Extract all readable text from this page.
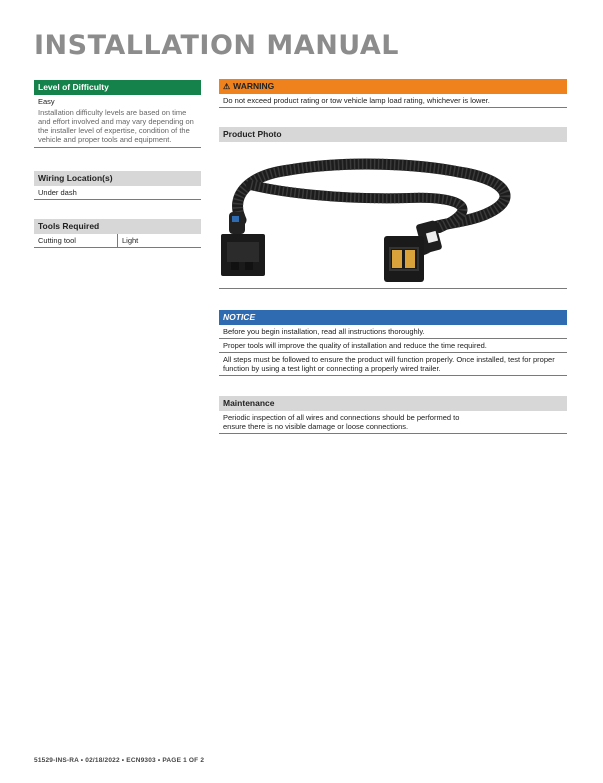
INSTALLATION MANUAL
Level of Difficulty
Easy
Installation difficulty levels are based on time and effort involved and may vary depending on the installer level of expertise, condition of the vehicle and proper tools and equipment.
Wiring Location(s)
Under dash
Tools Required
Cutting tool	Light
⚠ WARNING
Do not exceed product rating or tow vehicle lamp load rating, whichever is lower.
Product Photo
NOTICE
Before you begin installation, read all instructions thoroughly.
Proper tools will improve the quality of installation and reduce the time required.
All steps must be followed to ensure the product will function properly. Once installed, test for proper function by using a test light or connecting a properly wired trailer.
Maintenance
Periodic inspection of all wires and connections should be performed to ensure there is no visible damage or loose connections.
51529-INS-RA • 02/18/2022 • ECN9303 • PAGE 1 OF 2
